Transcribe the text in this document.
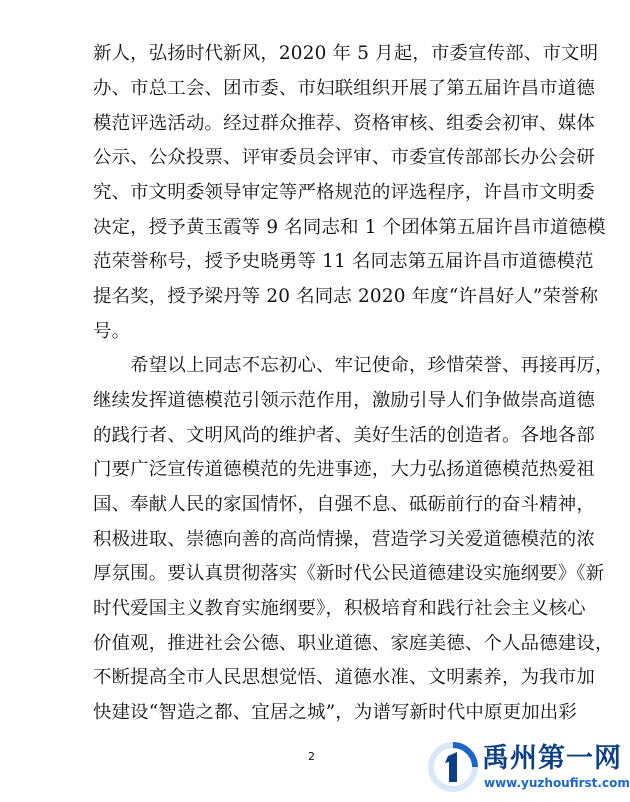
新人，弘扬时代新风，2020 年 5 月起，市委宣传部、市文明
办、市总工会、团市委、市妇联组织开展了第五届许昌市道德
模范评选活动。经过群众推荐、资格审核、组委会初审、媒体
公示、公众投票、评审委员会评审、市委宣传部部长办公会研
究、市文明委领导审定等严格规范的评选程序，许昌市文明委
决定，授予黄玉霞等 9 名同志和 1 个团体第五届许昌市道德模
范荣誉称号，授予史晓勇等 11 名同志第五届许昌市道德模范
提名奖，授予梁丹等 20 名同志 2020 年度“许昌好人”荣誉称
号。
　　希望以上同志不忘初心、牢记使命，珍惜荣誉、再接再厉，
继续发挥道德模范引领示范作用，激励引导人们争做崇高道德
的践行者、文明风尚的维护者、美好生活的创造者。各地各部
门要广泛宣传道德模范的先进事迹，大力弘扬道德模范热爱祖
国、奉献人民的家国情怀，自强不息、砥砺前行的奋斗精神，
积极进取、崇德向善的高尚情操，营造学习关爱道德模范的浓
厚氛围。要认真贯彻落实《新时代公民道德建设实施纲要》《新
时代爱国主义教育实施纲要》，积极培育和践行社会主义核心
价值观，推进社会公德、职业道德、家庭美德、个人品德建设，
不断提高全市人民思想觉悟、道德水准、文明素养，为我市加
快建设“智造之都、宜居之城”，为谱写新时代中原更加出彩
2	禹州第一网
www.yuzhoufirst.com
